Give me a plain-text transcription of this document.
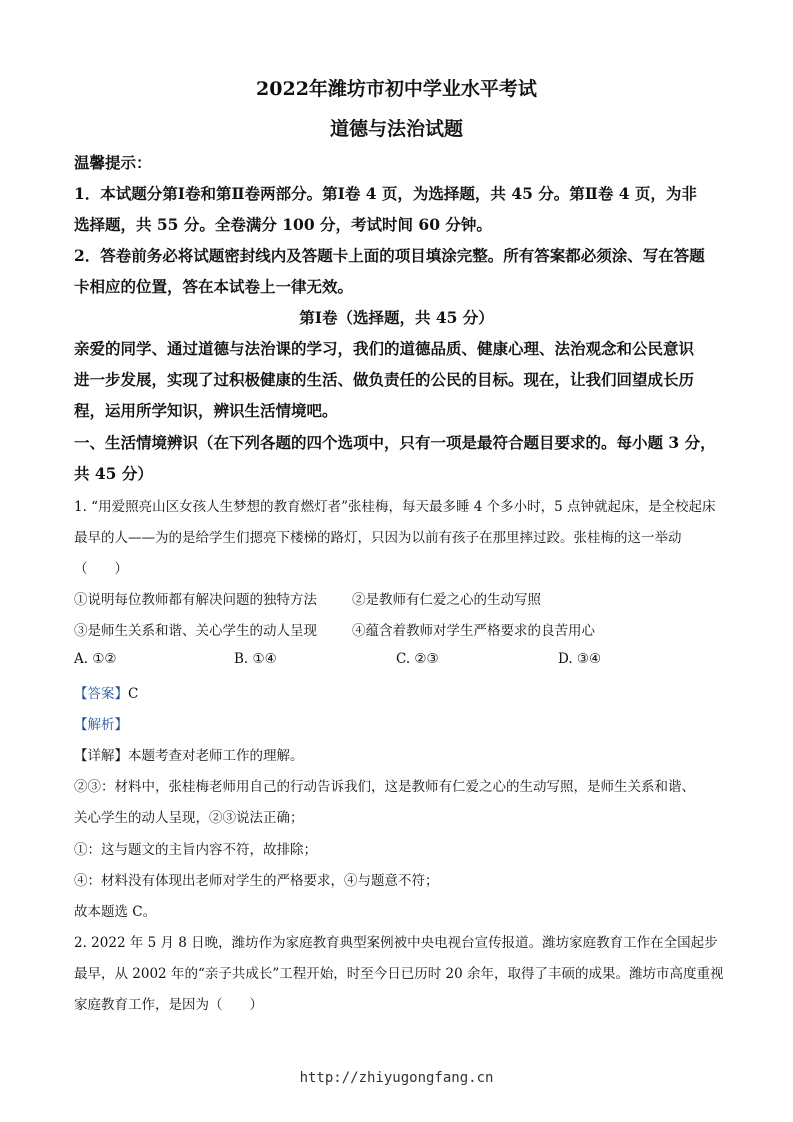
2022年潍坊市初中学业水平考试
道德与法治试题
温馨提示：
1．本试题分第Ⅰ卷和第Ⅱ卷两部分。第Ⅰ卷 4 页，为选择题，共 45 分。第Ⅱ卷 4 页，为非
选择题，共 55 分。全卷满分 100 分，考试时间 60 分钟。
2．答卷前务必将试题密封线内及答题卡上面的项目填涂完整。所有答案都必须涂、写在答题
卡相应的位置，答在本试卷上一律无效。
第Ⅰ卷（选择题，共 45 分）
亲爱的同学、通过道德与法治课的学习，我们的道德品质、健康心理、法治观念和公民意识
进一步发展，实现了过积极健康的生活、做负责任的公民的目标。现在，让我们回望成长历
程，运用所学知识，辨识生活情境吧。
一、生活情境辨识（在下列各题的四个选项中，只有一项是最符合题目要求的。每小题 3 分，
共 45 分）
1. “用爱照亮山区女孩人生梦想的教育燃灯者”张桂梅，每天最多睡 4 个多小时，5 点钟就起床，是全校起床
最早的人——为的是给学生们摁亮下楼梯的路灯，只因为以前有孩子在那里摔过跤。张桂梅的这一举动
（　　）
①说明每位教师都有解决问题的独特方法	②是教师有仁爱之心的生动写照
③是师生关系和谐、关心学生的动人呈现	④蕴含着教师对学生严格要求的良苦用心
A. ①②	B. ①④	C. ②③	D. ③④
【答案】C
【解析】
【详解】本题考查对老师工作的理解。
②③：材料中，张桂梅老师用自己的行动告诉我们，这是教师有仁爱之心的生动写照，是师生关系和谐、
关心学生的动人呈现，②③说法正确；
①：这与题文的主旨内容不符，故排除；
④：材料没有体现出老师对学生的严格要求，④与题意不符；
故本题选 C。
2. 2022 年 5 月 8 日晚，潍坊作为家庭教育典型案例被中央电视台宣传报道。潍坊家庭教育工作在全国起步
最早，从 2002 年的“亲子共成长”工程开始，时至今日已历时 20 余年，取得了丰硕的成果。潍坊市高度重视
家庭教育工作，是因为（　　）
http://zhiyugongfang.cn
